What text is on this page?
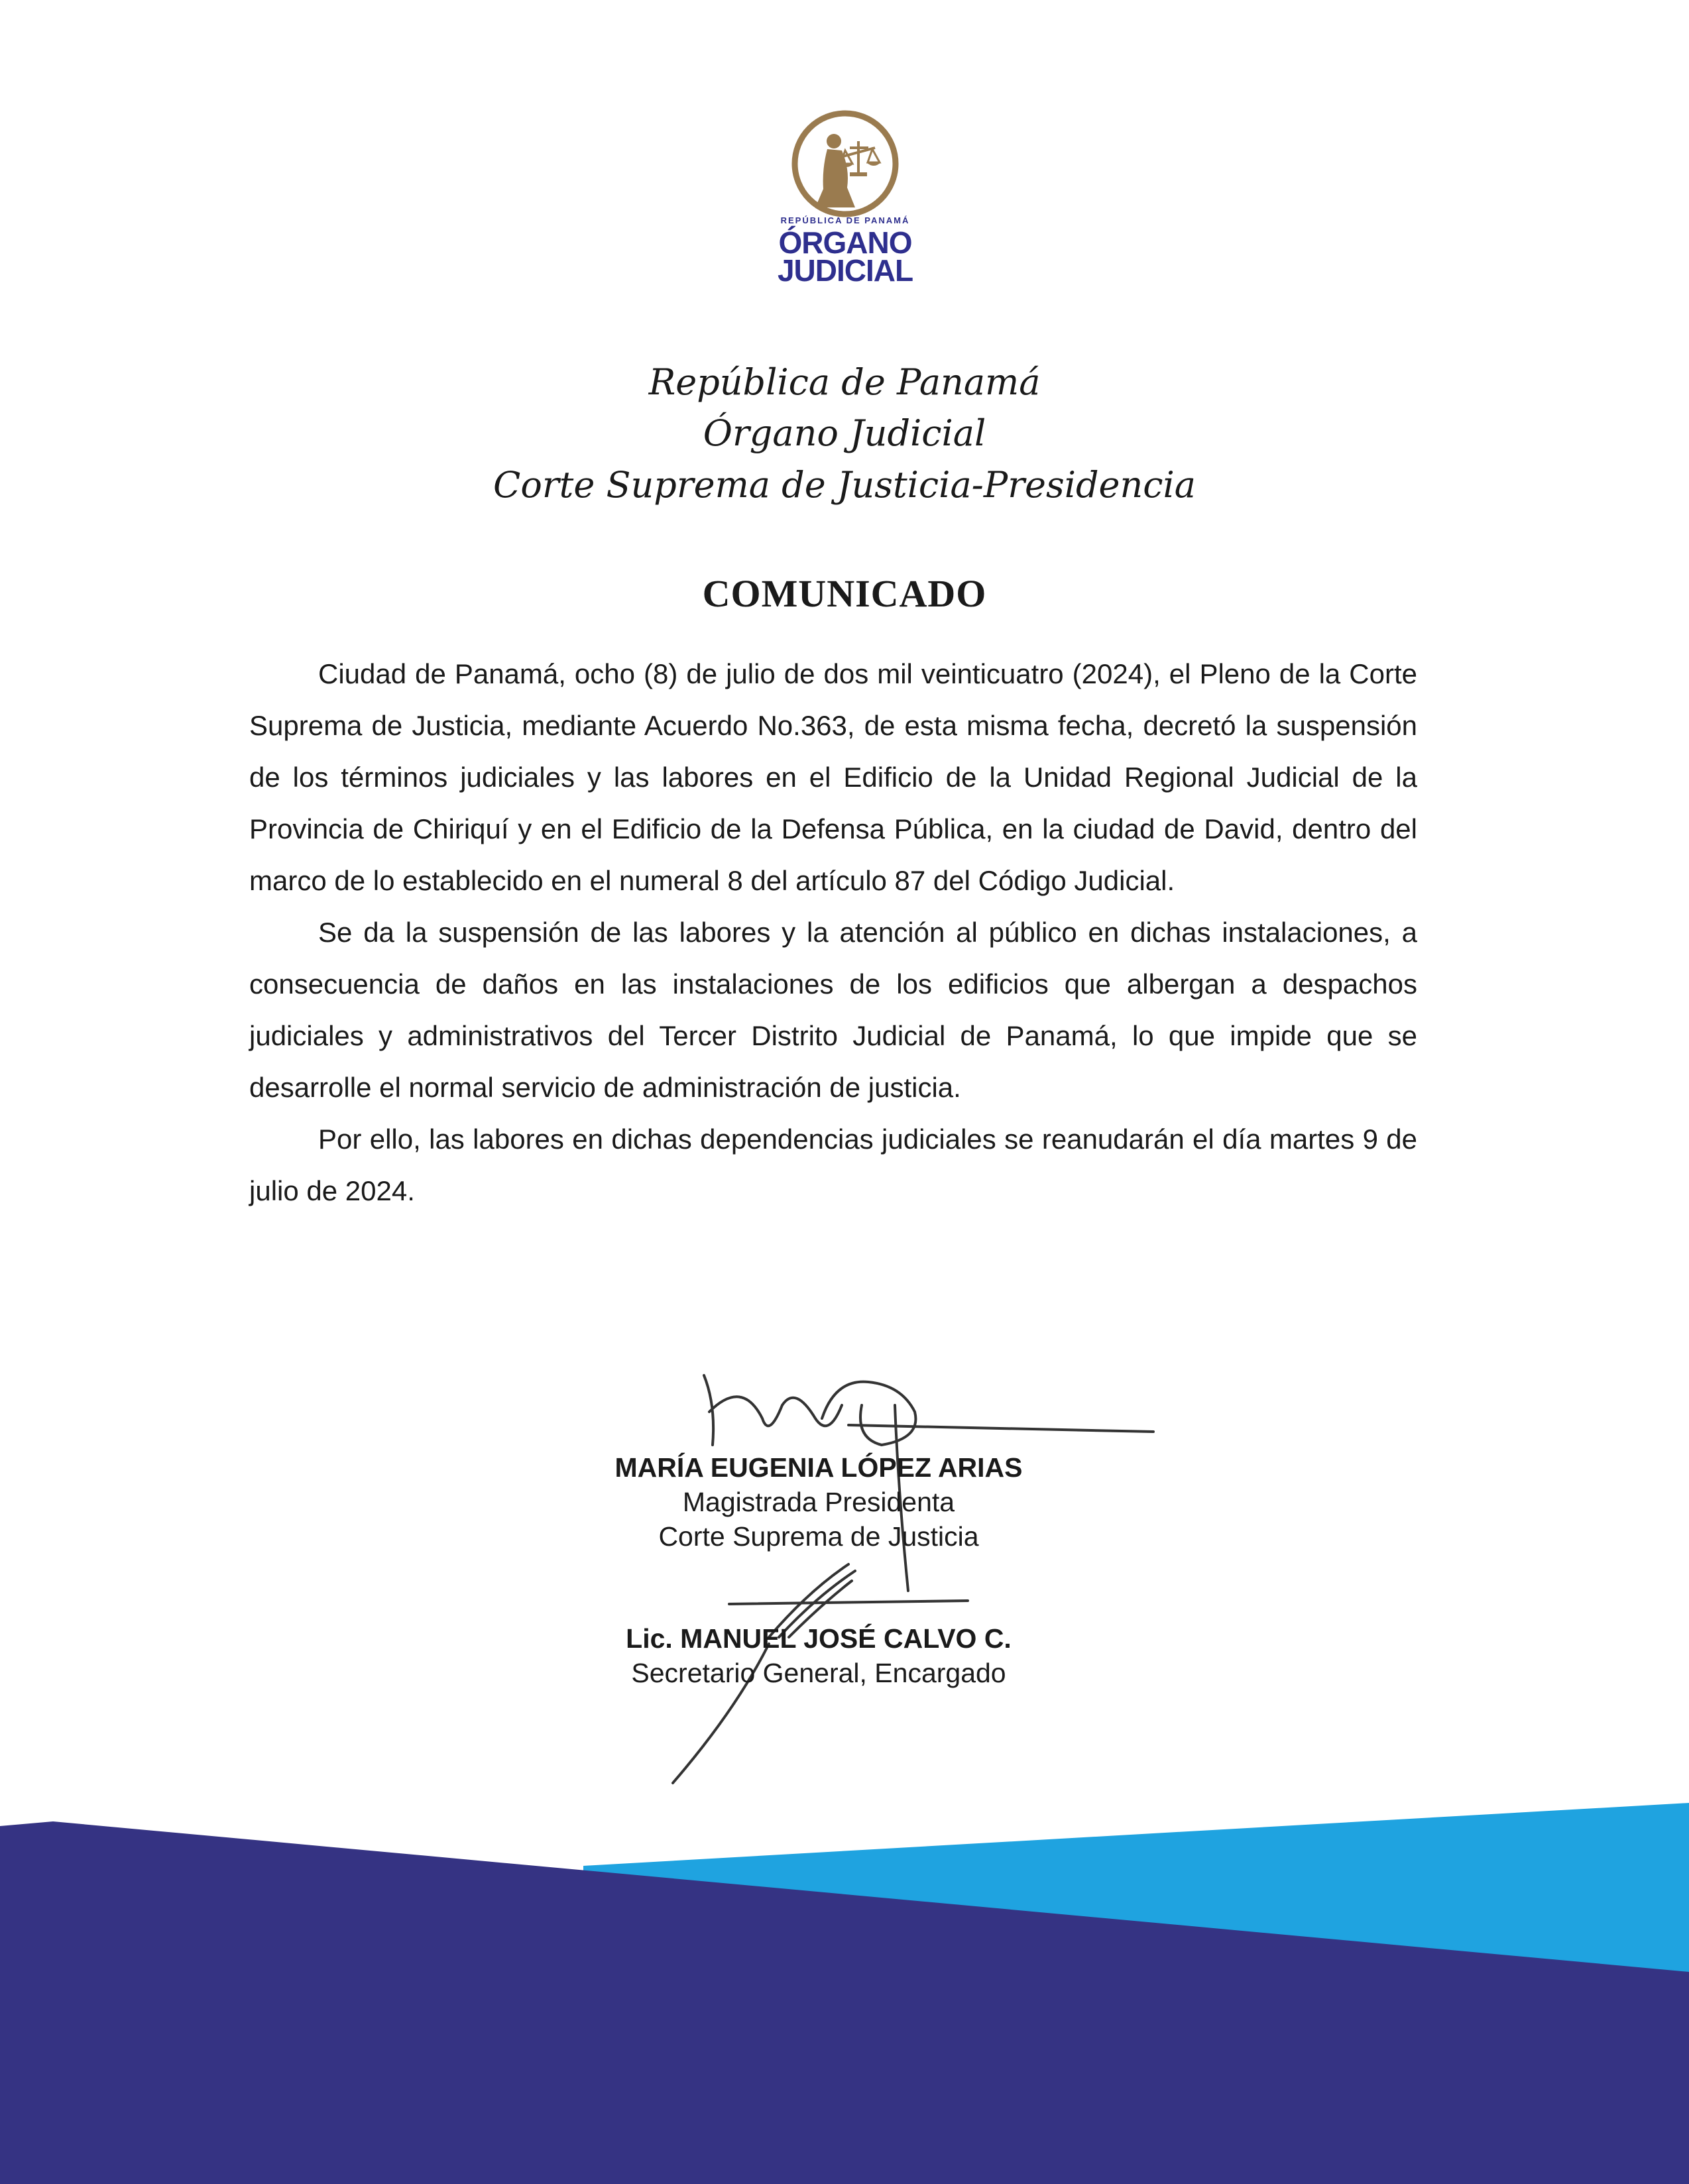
REPÚBLICA DE PANAMÁ
ÓRGANO
JUDICIAL
República de Panamá
Órgano Judicial
Corte Suprema de Justicia-Presidencia
COMUNICADO

Ciudad de Panamá, ocho (8) de julio de dos mil veinticuatro (2024), el Pleno de la Corte Suprema de Justicia, mediante Acuerdo No.363, de esta misma fecha, decretó la suspensión de los términos judiciales y las labores en el Edificio de la Unidad Regional Judicial de la Provincia de Chiriquí y en el Edificio de la Defensa Pública, en la ciudad de David, dentro del marco de lo establecido en el numeral 8 del artículo 87 del Código Judicial.

Se da la suspensión de las labores y la atención al público en dichas instalaciones, a consecuencia de daños en las instalaciones de los edificios que albergan a despachos judiciales y administrativos del Tercer Distrito Judicial de Panamá, lo que impide que se desarrolle el normal servicio de administración de justicia.

Por ello, las labores en dichas dependencias judiciales se reanudarán el día martes 9 de julio de 2024.

MARÍA EUGENIA LÓPEZ ARIAS
Magistrada Presidenta
Corte Suprema de Justicia
Lic. MANUEL JOSÉ CALVO C.
Secretario General, Encargado
